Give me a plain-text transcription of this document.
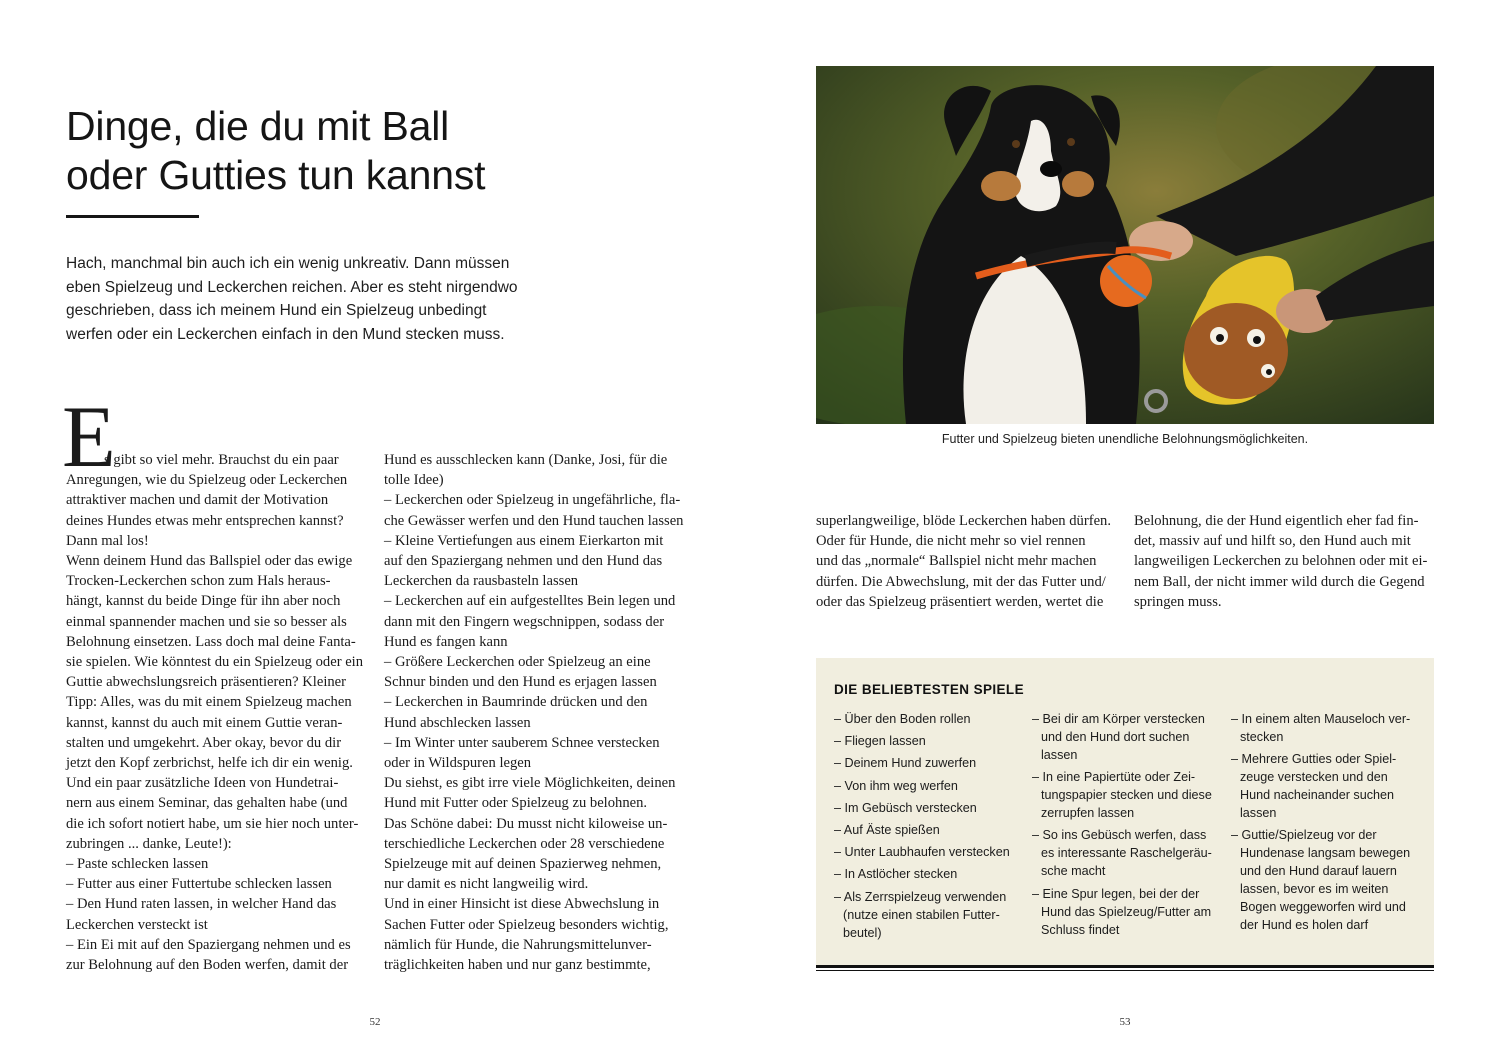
Dinge, die du mit Ball
oder Gutties tun kannst
Hach, manchmal bin auch ich ein wenig unkreativ. Dann müssen
eben Spielzeug und Leckerchen reichen. Aber es steht nirgendwo
geschrieben, dass ich meinem Hund ein Spielzeug unbedingt
werfen oder ein Leckerchen einfach in den Mund stecken muss.
E
s gibt so viel mehr. Brauchst du ein paar
Anregungen, wie du Spielzeug oder Leckerchen
attraktiver machen und damit der Motivation
deines Hundes etwas mehr entsprechen kannst?
Dann mal los!
Wenn deinem Hund das Ballspiel oder das ewige
Trocken-Leckerchen schon zum Hals heraus-
hängt, kannst du beide Dinge für ihn aber noch
einmal spannender machen und sie so besser als
Belohnung einsetzen. Lass doch mal deine Fanta-
sie spielen. Wie könntest du ein Spielzeug oder ein
Guttie abwechslungsreich präsentieren? Kleiner
Tipp: Alles, was du mit einem Spielzeug machen
kannst, kannst du auch mit einem Guttie veran-
stalten und umgekehrt. Aber okay, bevor du dir
jetzt den Kopf zerbrichst, helfe ich dir ein wenig.
Und ein paar zusätzliche Ideen von Hundetrai-
nern aus einem Seminar, das gehalten habe (und
die ich sofort notiert habe, um sie hier noch unter-
zubringen ... danke, Leute!):
– Paste schlecken lassen
– Futter aus einer Futtertube schlecken lassen
– Den Hund raten lassen, in welcher Hand das
Leckerchen versteckt ist
– Ein Ei mit auf den Spaziergang nehmen und es
zur Belohnung auf den Boden werfen, damit der
Hund es ausschlecken kann (Danke, Josi, für die
tolle Idee)
– Leckerchen oder Spielzeug in ungefährliche, fla-
che Gewässer werfen und den Hund tauchen lassen
– Kleine Vertiefungen aus einem Eierkarton mit
auf den Spaziergang nehmen und den Hund das
Leckerchen da rausbasteln lassen
– Leckerchen auf ein aufgestelltes Bein legen und
dann mit den Fingern wegschnippen, sodass der
Hund es fangen kann
– Größere Leckerchen oder Spielzeug an eine
Schnur binden und den Hund es erjagen lassen
– Leckerchen in Baumrinde drücken und den
Hund abschlecken lassen
– Im Winter unter sauberem Schnee verstecken
oder in Wildspuren legen
Du siehst, es gibt irre viele Möglichkeiten, deinen
Hund mit Futter oder Spielzeug zu belohnen.
Das Schöne dabei: Du musst nicht kiloweise un-
terschiedliche Leckerchen oder 28 verschiedene
Spielzeuge mit auf deinen Spazierweg nehmen,
nur damit es nicht langweilig wird.
Und in einer Hinsicht ist diese Abwechslung in
Sachen Futter oder Spielzeug besonders wichtig,
nämlich für Hunde, die Nahrungsmittelunver-
träglichkeiten haben und nur ganz bestimmte,
52
Futter und Spielzeug bieten unendliche Belohnungsmöglichkeiten.
superlangweilige, blöde Leckerchen haben dürfen.
Oder für Hunde, die nicht mehr so viel rennen
und das „normale“ Ballspiel nicht mehr machen
dürfen. Die Abwechslung, mit der das Futter und/
oder das Spielzeug präsentiert werden, wertet die
Belohnung, die der Hund eigentlich eher fad fin-
det, massiv auf und hilft so, den Hund auch mit
langweiligen Leckerchen zu belohnen oder mit ei-
nem Ball, der nicht immer wild durch die Gegend
springen muss.
DIE BELIEBTESTEN SPIELE
– Über den Boden rollen
– Fliegen lassen
– Deinem Hund zuwerfen
– Von ihm weg werfen
– Im Gebüsch verstecken
– Auf Äste spießen
– Unter Laubhaufen verstecken
– In Astlöcher stecken
– Als Zerrspielzeug verwenden
(nutze einen stabilen Futter-
beutel)
– Bei dir am Körper verstecken
und den Hund dort suchen
lassen
– In eine Papiertüte oder Zei-
tungspapier stecken und diese
zerrupfen lassen
– So ins Gebüsch werfen, dass
es interessante Raschelgeräu-
sche macht
– Eine Spur legen, bei der der
Hund das Spielzeug/Futter am
Schluss findet
– In einem alten Mauseloch ver-
stecken
– Mehrere Gutties oder Spiel-
zeuge verstecken und den
Hund nacheinander suchen
lassen
– Guttie/Spielzeug vor der
Hundenase langsam bewegen
und den Hund darauf lauern
lassen, bevor es im weiten
Bogen weggeworfen wird und
der Hund es holen darf
53
